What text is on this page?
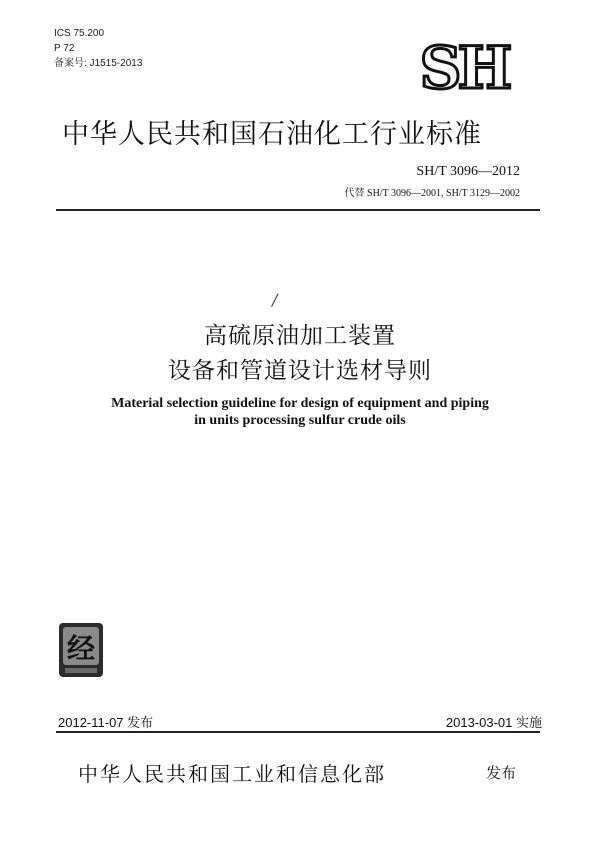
ICS 75.200
P 72
备案号: J1515-2013	SH
中华人民共和国石油化工行业标准
SH/T 3096—2012
代替 SH/T 3096—2001, SH/T 3129—2002
/
高硫原油加工装置
设备和管道设计选材导则
Material selection guideline for design of equipment and piping
in units processing sulfur crude oils
经
2012-11-07 发布	2013-03-01 实施
中华人民共和国工业和信息化部	发布
